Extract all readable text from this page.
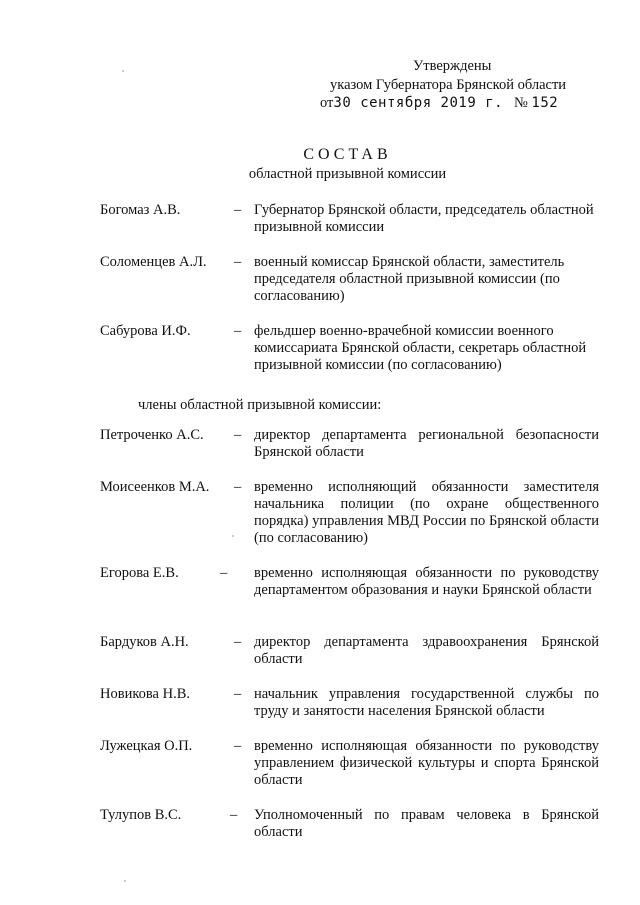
Утверждены
указом Губернатора Брянской области
от30 сентября 2019 г. № 152
СОСТАВ
областной призывной комиссии
Богомаз А.В.	– Губернатор Брянской области, председатель областной призывной комиссии
Соломенцев А.Л. – военный комиссар Брянской области, заместитель председателя областной призывной комиссии (по согласованию)
Сабурова И.Ф.	– фельдшер военно-врачебной комиссии военного комиссариата Брянской области, секретарь областной призывной комиссии (по согласованию)
члены областной призывной комиссии:
Петроченко А.С. – директор департамента региональной безопасности Брянской области
Моисеенков М.А. – временно исполняющий обязанности заместителя начальника полиции (по охране общественного порядка) управления МВД России по Брянской области (по согласованию)
Егорова Е.В.	– временно исполняющая обязанности по руководству департаментом образования и науки Брянской области
Бардуков А.Н.	– директор департамента здравоохранения Брянской области
Новикова Н.В.	– начальник управления государственной службы по труду и занятости населения Брянской области
Лужецкая О.П.	– временно исполняющая обязанности по руководству управлением физической культуры и спорта Брянской области
Тулупов В.С.	– Уполномоченный по правам человека в Брянской области
